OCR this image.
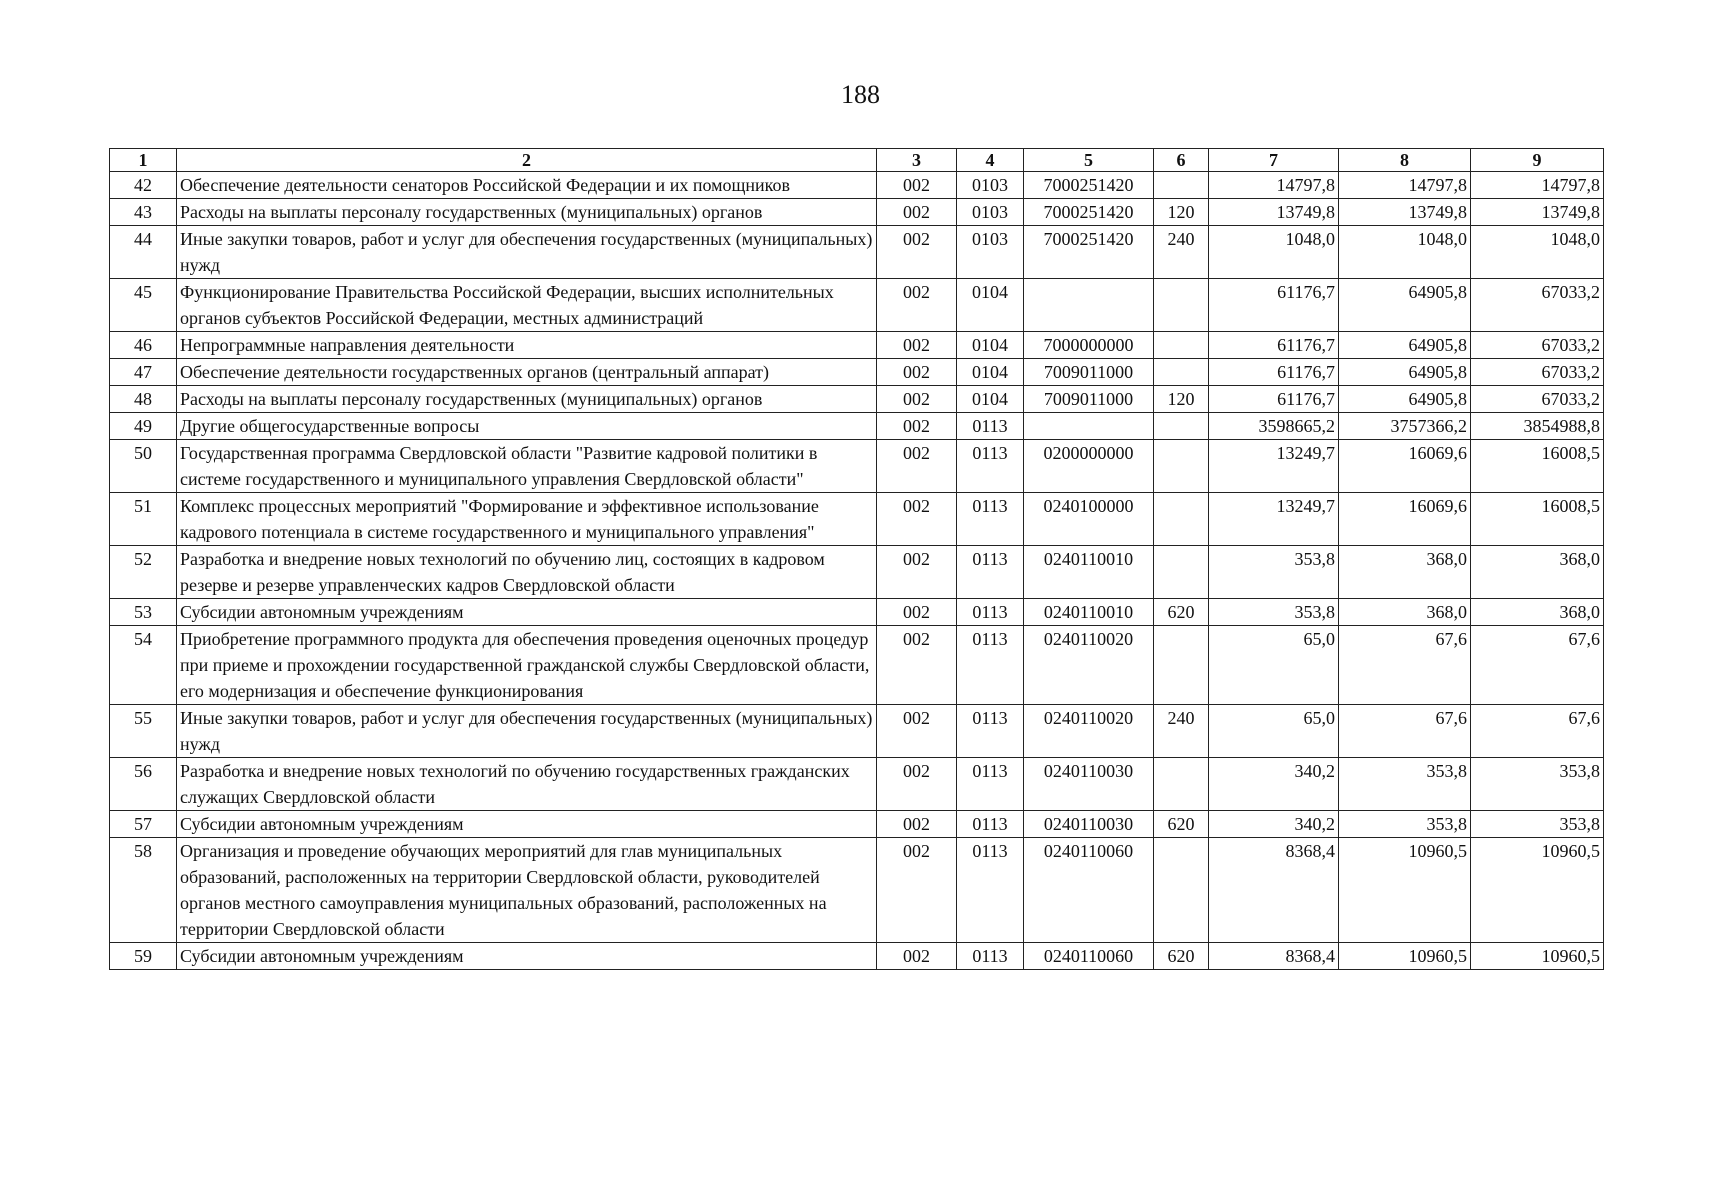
188
1	2	3	4	5	6	7	8	9
42	Обеспечение деятельности сенаторов Российской Федерации и их помощников	002	0103	7000251420		14797,8	14797,8	14797,8
43	Расходы на выплаты персоналу государственных (муниципальных) органов	002	0103	7000251420	120	13749,8	13749,8	13749,8
44	Иные закупки товаров, работ и услуг для обеспечения государственных (муниципальных) нужд	002	0103	7000251420	240	1048,0	1048,0	1048,0
45	Функционирование Правительства Российской Федерации, высших исполнительных органов субъектов Российской Федерации, местных администраций	002	0104			61176,7	64905,8	67033,2
46	Непрограммные направления деятельности	002	0104	7000000000		61176,7	64905,8	67033,2
47	Обеспечение деятельности государственных органов (центральный аппарат)	002	0104	7009011000		61176,7	64905,8	67033,2
48	Расходы на выплаты персоналу государственных (муниципальных) органов	002	0104	7009011000	120	61176,7	64905,8	67033,2
49	Другие общегосударственные вопросы	002	0113			3598665,2	3757366,2	3854988,8
50	Государственная программа Свердловской области "Развитие кадровой политики в системе государственного и муниципального управления Свердловской области"	002	0113	0200000000		13249,7	16069,6	16008,5
51	Комплекс процессных мероприятий "Формирование и эффективное использование кадрового потенциала в системе государственного и муниципального управления"	002	0113	0240100000		13249,7	16069,6	16008,5
52	Разработка и внедрение новых технологий по обучению лиц, состоящих в кадровом резерве и резерве управленческих кадров Свердловской области	002	0113	0240110010		353,8	368,0	368,0
53	Субсидии автономным учреждениям	002	0113	0240110010	620	353,8	368,0	368,0
54	Приобретение программного продукта для обеспечения проведения оценочных процедур при приеме и прохождении государственной гражданской службы Свердловской области, его модернизация и обеспечение функционирования	002	0113	0240110020		65,0	67,6	67,6
55	Иные закупки товаров, работ и услуг для обеспечения государственных (муниципальных) нужд	002	0113	0240110020	240	65,0	67,6	67,6
56	Разработка и внедрение новых технологий по обучению государственных гражданских служащих Свердловской области	002	0113	0240110030		340,2	353,8	353,8
57	Субсидии автономным учреждениям	002	0113	0240110030	620	340,2	353,8	353,8
58	Организация и проведение обучающих мероприятий для глав муниципальных образований, расположенных на территории Свердловской области, руководителей органов местного самоуправления муниципальных образований, расположенных на территории Свердловской области	002	0113	0240110060		8368,4	10960,5	10960,5
59	Субсидии автономным учреждениям	002	0113	0240110060	620	8368,4	10960,5	10960,5
